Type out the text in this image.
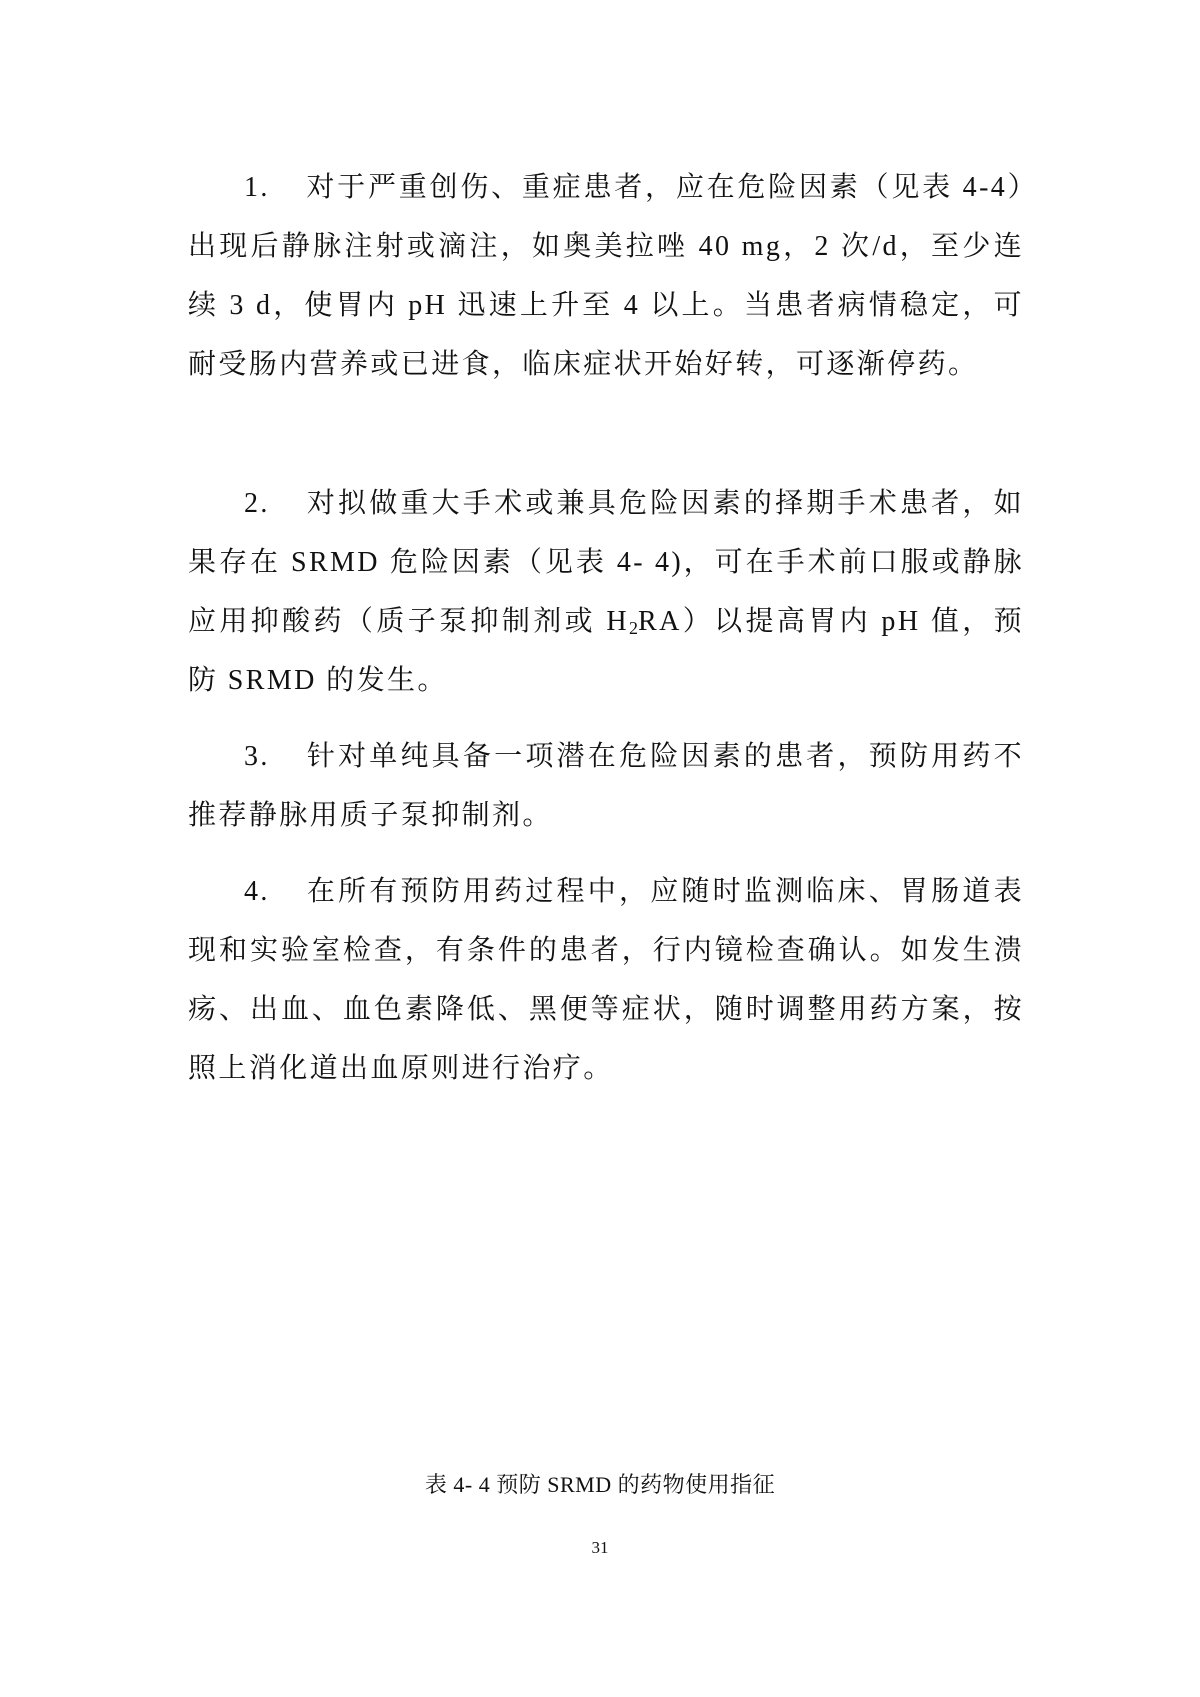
1. 对于严重创伤、重症患者，应在危险因素（见表 4-4）出现后静脉注射或滴注，如奥美拉唑 40 mg，2 次/d，至少连续 3 d，使胃内 pH 迅速上升至 4 以上。当患者病情稳定，可耐受肠内营养或已进食，临床症状开始好转，可逐渐停药。

2. 对拟做重大手术或兼具危险因素的择期手术患者，如果存在 SRMD 危险因素（见表 4- 4)，可在手术前口服或静脉应用抑酸药（质子泵抑制剂或 $H_2RA$）以提高胃内 pH 值，预防 SRMD 的发生。

3. 针对单纯具备一项潜在危险因素的患者，预防用药不推荐静脉用质子泵抑制剂。

4. 在所有预防用药过程中，应随时监测临床、胃肠道表现和实验室检查，有条件的患者，行内镜检查确认。如发生溃疡、出血、血色素降低、黑便等症状，随时调整用药方案，按照上消化道出血原则进行治疗。

表 4- 4 预防 SRMD 的药物使用指征

31
